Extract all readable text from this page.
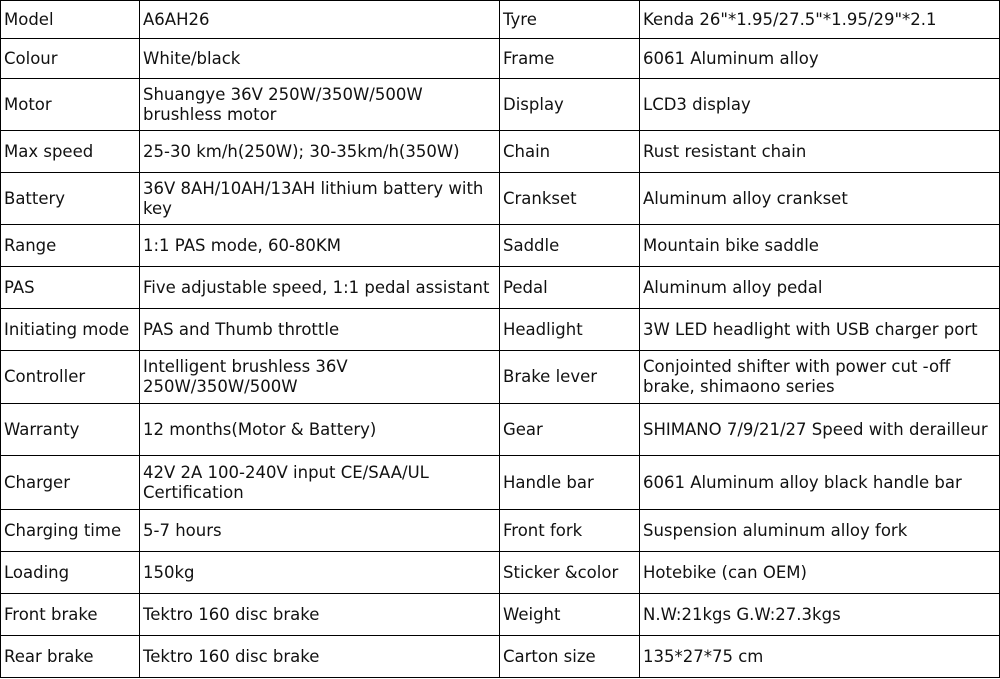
Model	A6AH26	Tyre	Kenda 26"*1.95/27.5"*1.95/29"*2.1
Colour	White/black	Frame	6061 Aluminum alloy
Motor	Shuangye 36V 250W/350W/500W brushless motor	Display	LCD3 display
Max speed	25-30 km/h(250W); 30-35km/h(350W)	Chain	Rust resistant chain
Battery	36V 8AH/10AH/13AH lithium battery with key	Crankset	Aluminum alloy crankset
Range	1:1 PAS mode, 60-80KM	Saddle	Mountain bike saddle
PAS	Five adjustable speed, 1:1 pedal assistant	Pedal	Aluminum alloy pedal
Initiating mode	PAS and Thumb throttle	Headlight	3W LED headlight with USB charger port
Controller	Intelligent brushless 36V 250W/350W/500W	Brake lever	Conjointed shifter with power cut -off brake, shimaono series
Warranty	12 months(Motor & Battery)	Gear	SHIMANO 7/9/21/27 Speed with derailleur
Charger	42V 2A 100-240V input CE/SAA/UL Certification	Handle bar	6061 Aluminum alloy black handle bar
Charging time	5-7 hours	Front fork	Suspension aluminum alloy fork
Loading	150kg	Sticker &color	Hotebike (can OEM)
Front brake	Tektro 160 disc brake	Weight	N.W:21kgs G.W:27.3kgs
Rear brake	Tektro 160 disc brake	Carton size	135*27*75 cm
